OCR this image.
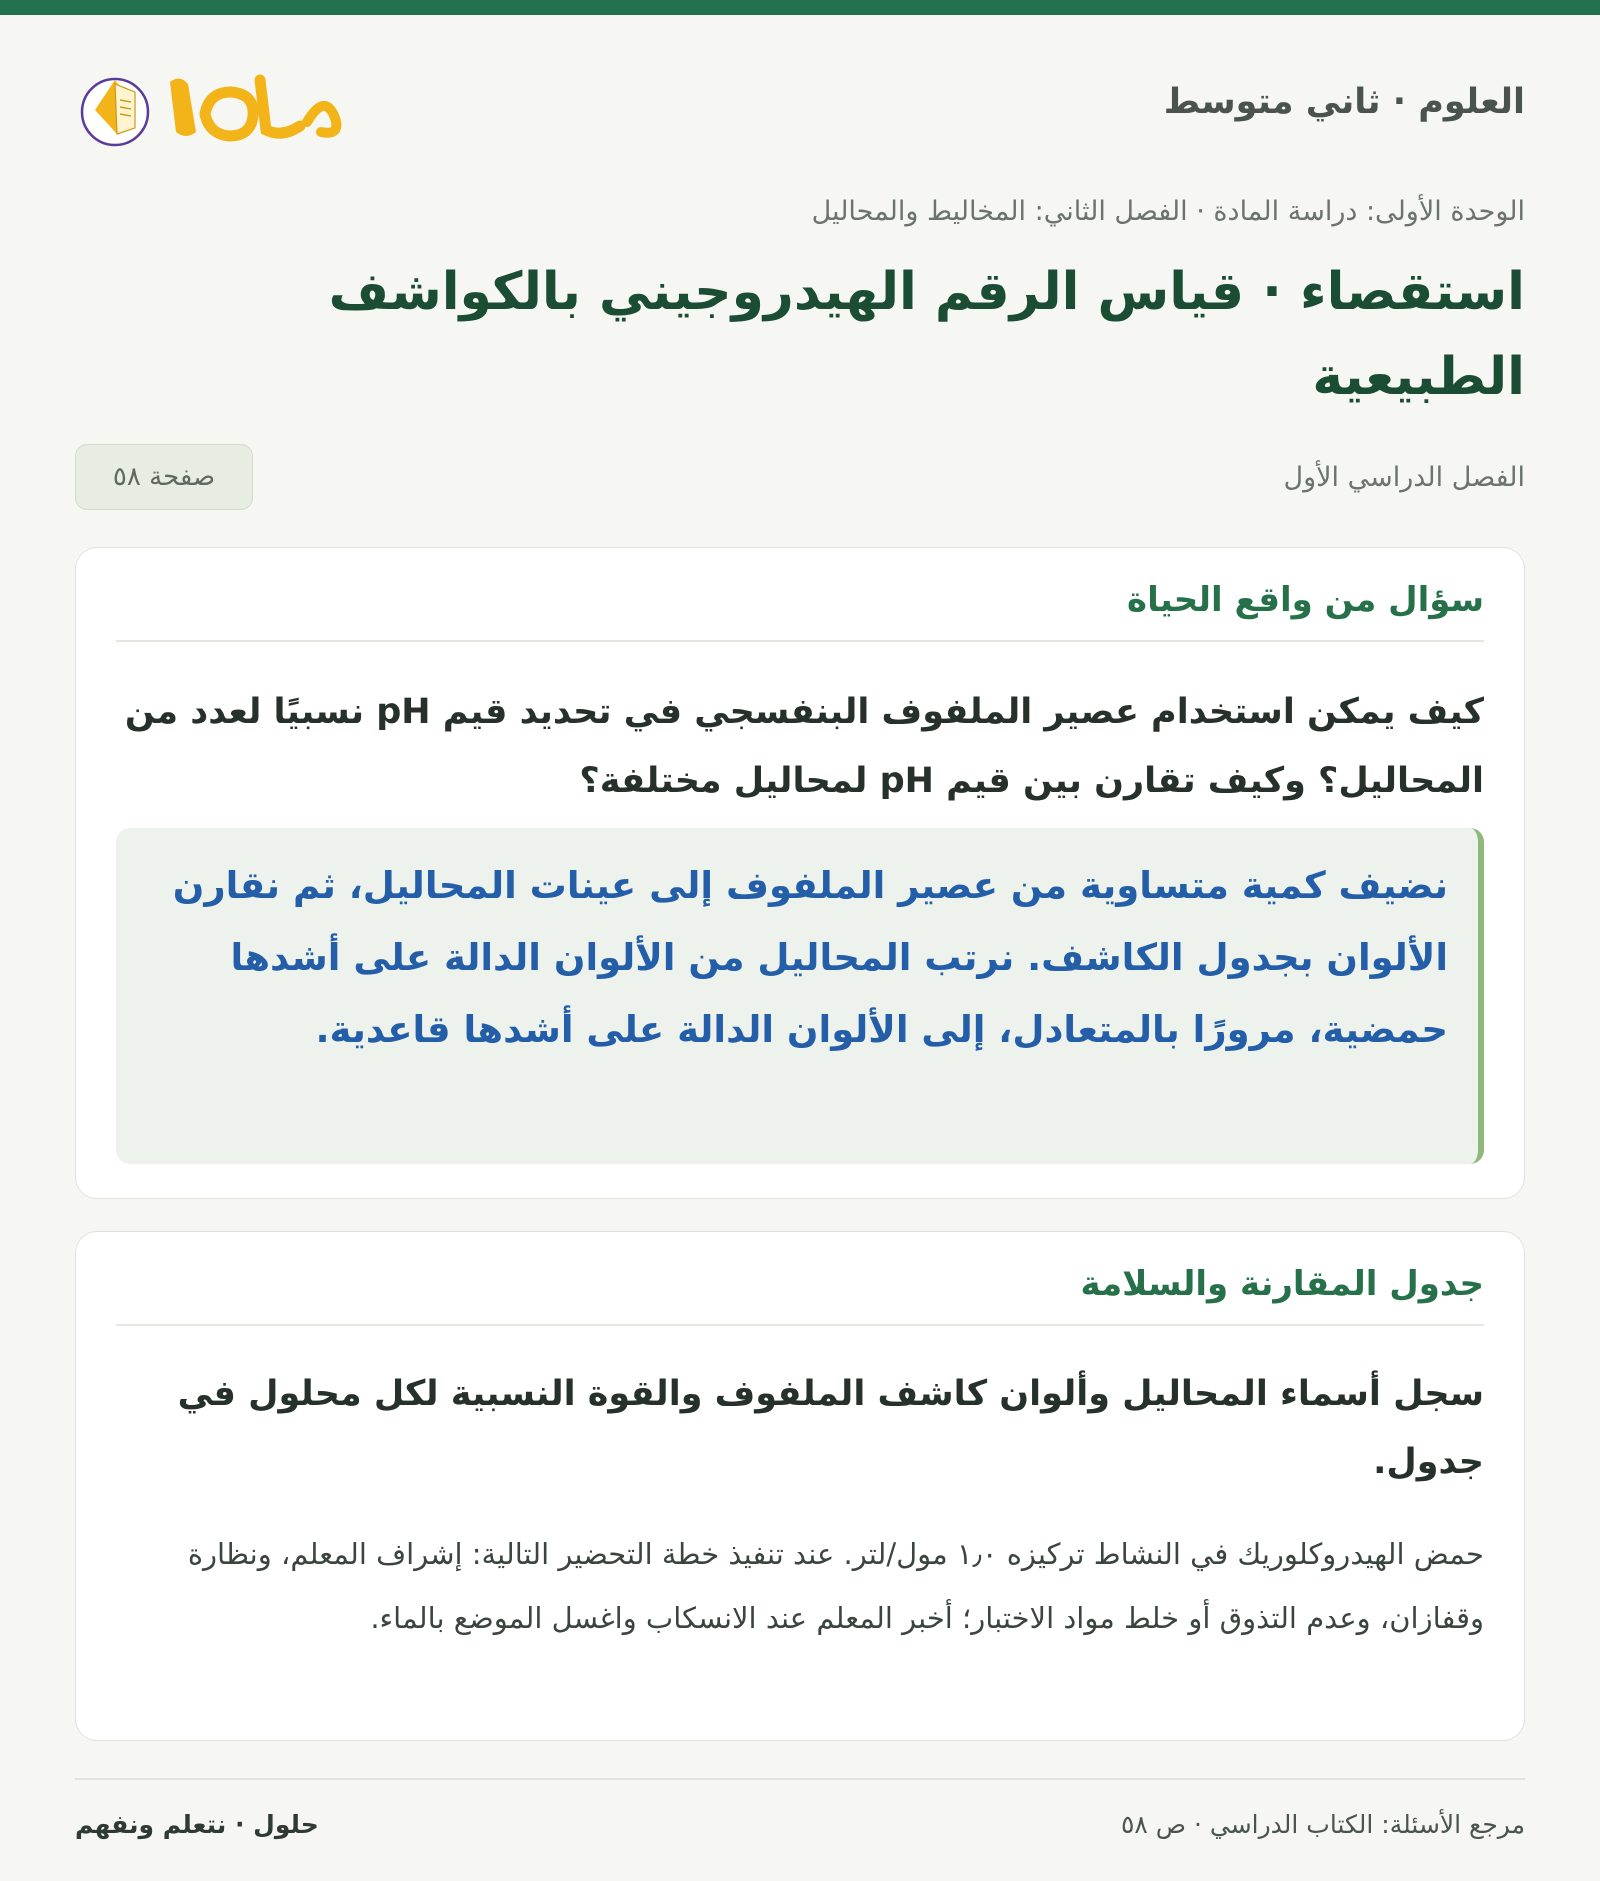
العلوم · ثاني متوسط
الوحدة الأولى: دراسة المادة · الفصل الثاني: المخاليط والمحاليل
استقصاء · قياس الرقم الهيدروجيني بالكواشف الطبيعية
الفصل الدراسي الأول
صفحة ٥٨
سؤال من واقع الحياة

كيف يمكن استخدام عصير الملفوف البنفسجي في تحديد قيم pH نسبيًا لعدد من المحاليل؟ وكيف تقارن بين قيم pH لمحاليل مختلفة؟

نضيف كمية متساوية من عصير الملفوف إلى عينات المحاليل، ثم نقارن الألوان بجدول الكاشف. نرتب المحاليل من الألوان الدالة على أشدها حمضية، مرورًا بالمتعادل، إلى الألوان الدالة على أشدها قاعدية.
جدول المقارنة والسلامة

سجل أسماء المحاليل وألوان كاشف الملفوف والقوة النسبية لكل محلول في جدول.

حمض الهيدروكلوريك في النشاط تركيزه ١٫٠ مول/لتر. عند تنفيذ خطة التحضير التالية: إشراف المعلم، ونظارة وقفازان، وعدم التذوق أو خلط مواد الاختبار؛ أخبر المعلم عند الانسكاب واغسل الموضع بالماء.

مرجع الأسئلة: الكتاب الدراسي · ص ٥٨
حلول · نتعلم ونفهم
